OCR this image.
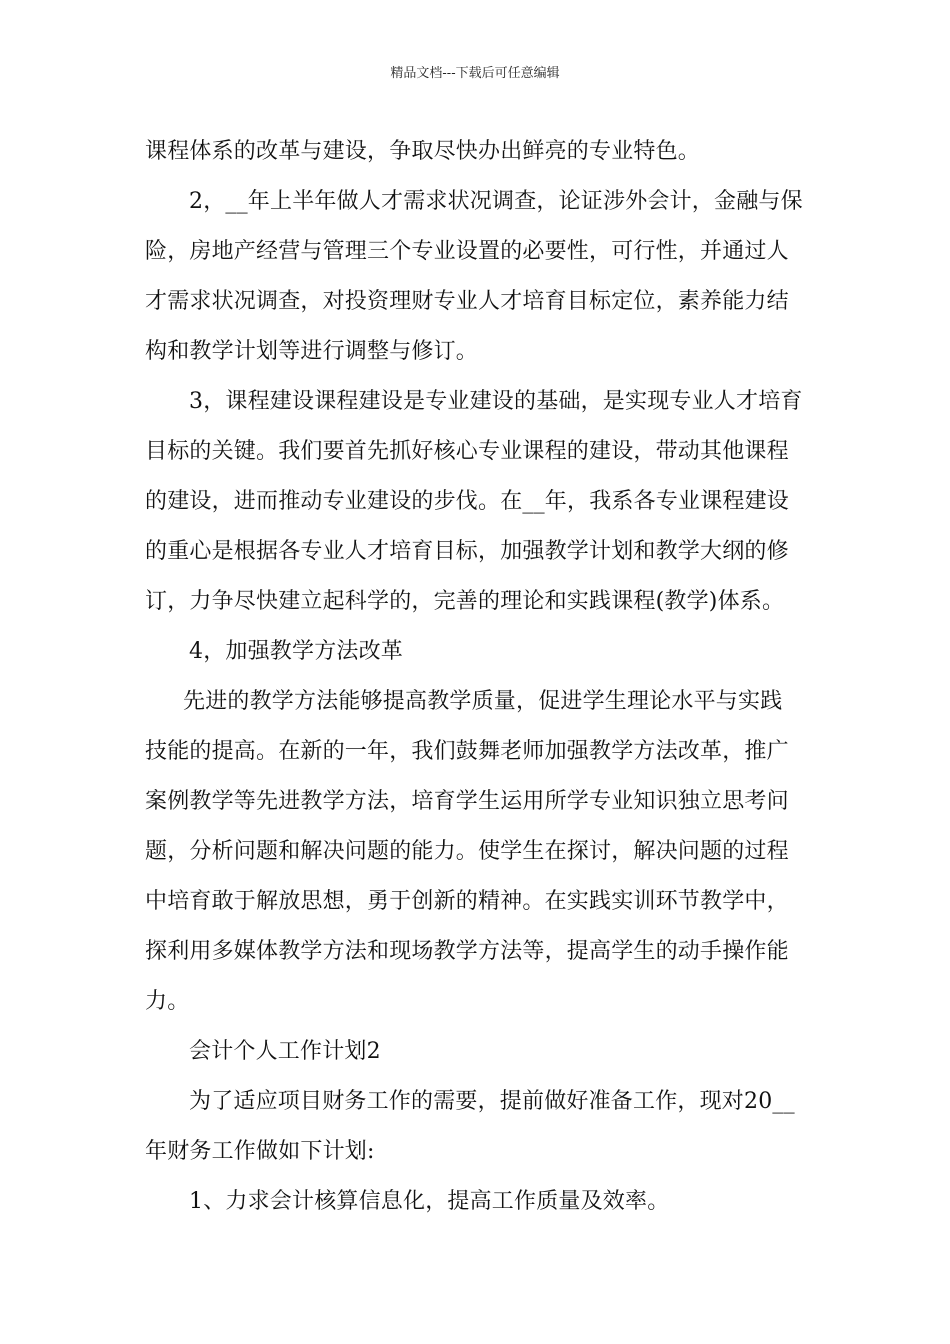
精品文档---下载后可任意编辑
课程体系的改革与建设，争取尽快办出鲜亮的专业特色。
2，__年上半年做人才需求状况调查，论证涉外会计，金融与保
险，房地产经营与管理三个专业设置的必要性，可行性，并通过人
才需求状况调查，对投资理财专业人才培育目标定位，素养能力结
构和教学计划等进行调整与修订。
3，课程建设课程建设是专业建设的基础，是实现专业人才培育
目标的关键。我们要首先抓好核心专业课程的建设，带动其他课程
的建设，进而推动专业建设的步伐。在__年，我系各专业课程建设
的重心是根据各专业人才培育目标，加强教学计划和教学大纲的修
订，力争尽快建立起科学的，完善的理论和实践课程(教学)体系。
4，加强教学方法改革
先进的教学方法能够提高教学质量，促进学生理论水平与实践
技能的提高。在新的一年，我们鼓舞老师加强教学方法改革，推广
案例教学等先进教学方法，培育学生运用所学专业知识独立思考问
题，分析问题和解决问题的能力。使学生在探讨，解决问题的过程
中培育敢于解放思想，勇于创新的精神。在实践实训环节教学中，
探利用多媒体教学方法和现场教学方法等，提高学生的动手操作能
力。
会计个人工作计划2
为了适应项目财务工作的需要，提前做好准备工作，现对20__
年财务工作做如下计划:
1、力求会计核算信息化，提高工作质量及效率。
